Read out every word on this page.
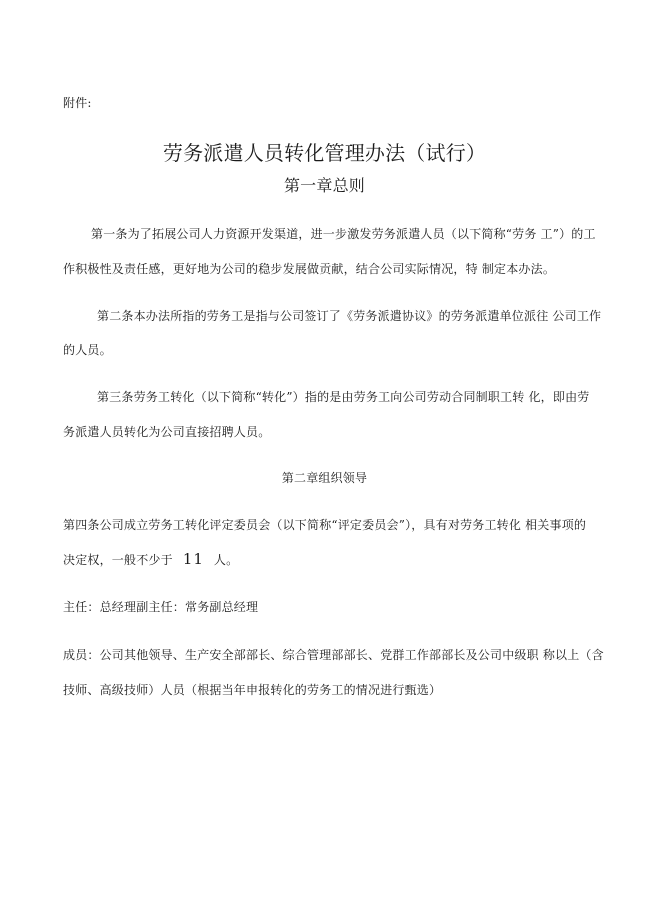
附件:
劳务派遣人员转化管理办法（试行）
第一章总则
第一条为了拓展公司人力资源开发渠道，进一步激发劳务派遣人员（以下简称“劳务 工”）的工
作积极性及责任感，更好地为公司的稳步发展做贡献，结合公司实际情况，特 制定本办法。
第二条本办法所指的劳务工是指与公司签订了《劳务派遣协议》的劳务派遣单位派往 公司工作
的人员。
第三条劳务工转化（以下简称“转化”）指的是由劳务工向公司劳动合同制职工转 化，即由劳
务派遣人员转化为公司直接招聘人员。
第二章组织领导
第四条公司成立劳务工转化评定委员会（以下简称“评定委员会”），具有对劳务工转化 相关事项的
决定权，一般不少于 11 人。
主任：总经理副主任：常务副总经理
成员：公司其他领导、生产安全部部长、综合管理部部长、党群工作部部长及公司中级职 称以上（含
技师、高级技师）人员（根据当年申报转化的劳务工的情况进行甄选）
